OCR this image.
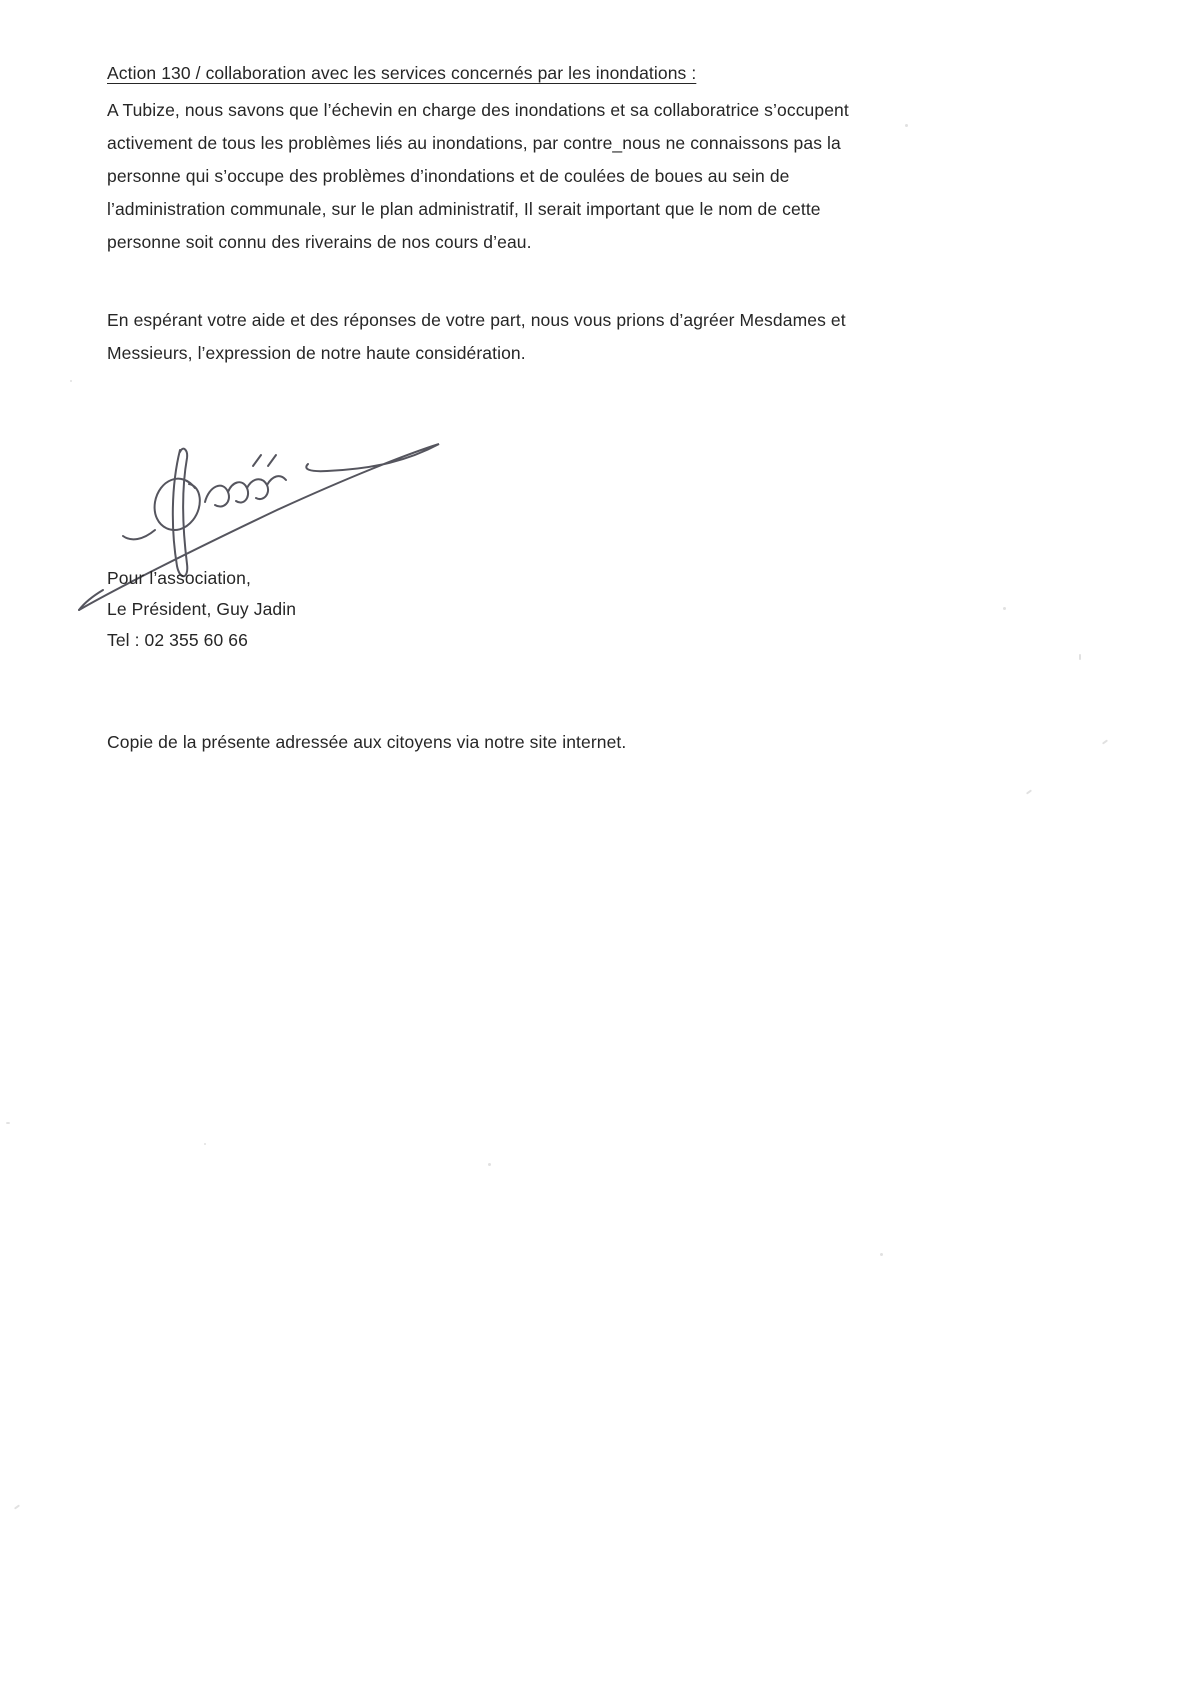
Action 130 / collaboration avec les services concernés par les inondations :
A Tubize, nous savons que l’échevin en charge des inondations et sa collaboratrice s’occupent
activement de tous les problèmes liés au inondations, par contre_nous ne connaissons pas la
personne qui s’occupe des problèmes d’inondations et de coulées de boues au sein de
l’administration communale, sur le plan administratif, Il serait important que le nom de cette
personne soit connu des riverains de nos cours d’eau.
En espérant votre aide et des réponses de votre part, nous vous prions d’agréer Mesdames et
Messieurs, l’expression de notre haute considération.
Pour l’association,
Le Président, Guy Jadin
Tel : 02 355 60 66
Copie de la présente adressée aux citoyens via notre site internet.
